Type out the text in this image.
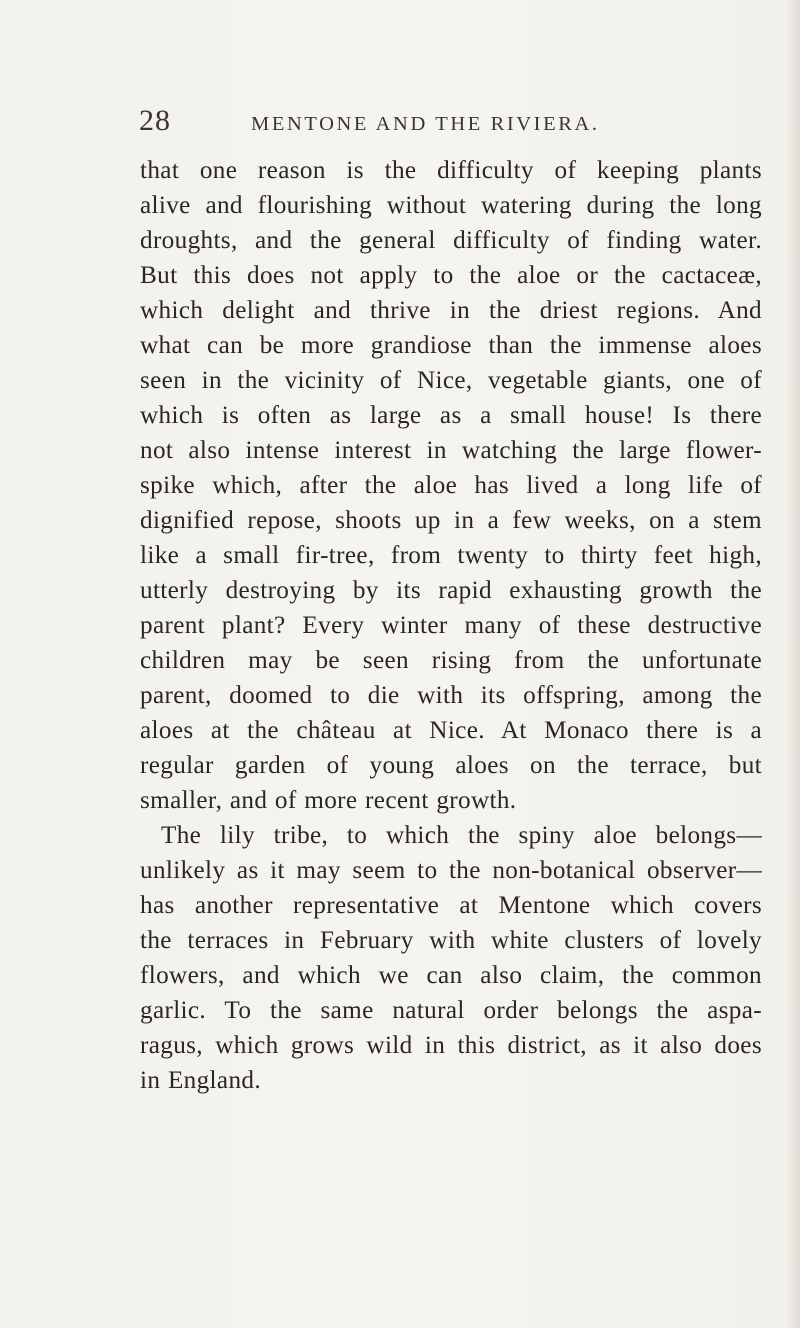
28	MENTONE AND THE RIVIERA.
that one reason is the difficulty of keeping plants
alive and flourishing without watering during the long
droughts, and the general difficulty of finding water.
But this does not apply to the aloe or the cactaceæ,
which delight and thrive in the driest regions. And
what can be more grandiose than the immense aloes
seen in the vicinity of Nice, vegetable giants, one of
which is often as large as a small house! Is there
not also intense interest in watching the large flower-
spike which, after the aloe has lived a long life of
dignified repose, shoots up in a few weeks, on a stem
like a small fir-tree, from twenty to thirty feet high,
utterly destroying by its rapid exhausting growth the
parent plant? Every winter many of these destructive
children may be seen rising from the unfortunate
parent, doomed to die with its offspring, among the
aloes at the château at Nice. At Monaco there is a
regular garden of young aloes on the terrace, but
smaller, and of more recent growth.
The lily tribe, to which the spiny aloe belongs—
unlikely as it may seem to the non-botanical observer—
has another representative at Mentone which covers
the terraces in February with white clusters of lovely
flowers, and which we can also claim, the common
garlic. To the same natural order belongs the aspa-
ragus, which grows wild in this district, as it also does
in England.
